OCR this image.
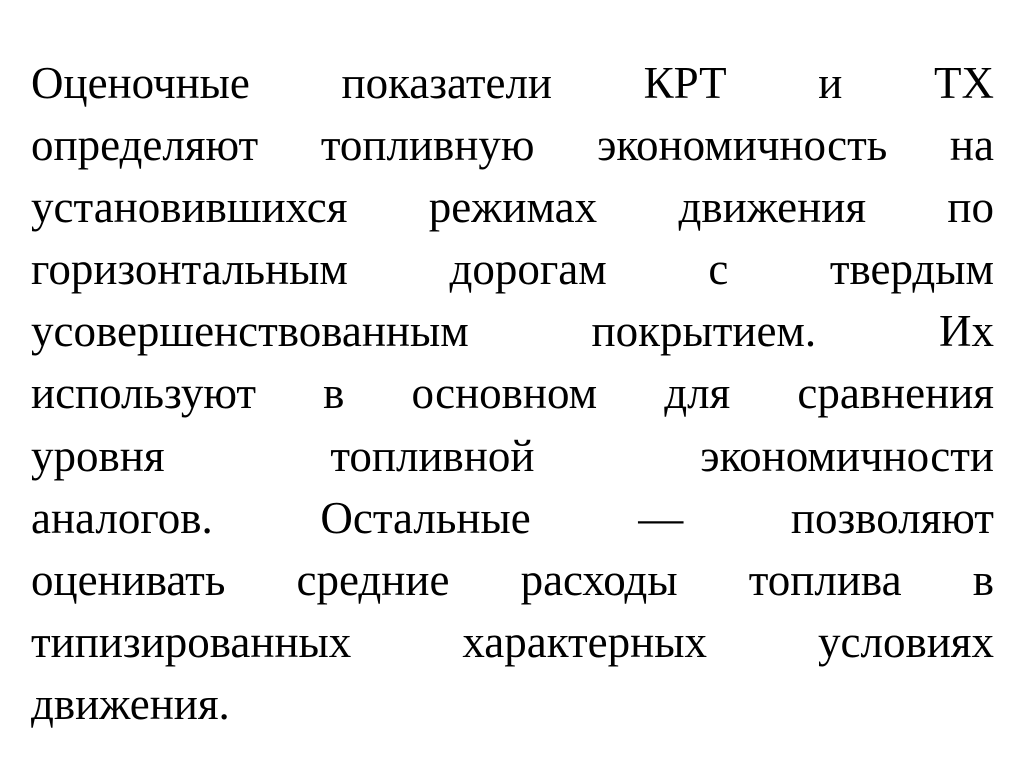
Оценочные показатели КРТ и ТХ
определяют топливную экономичность на
установившихся режимах движения по
горизонтальным дорогам с твердым
усовершенствованным	покрытием.	Их
используют в основном для сравнения
уровня	топливной	экономичности
аналогов. Остальные — позволяют
оценивать средние расходы топлива в
типизированных характерных условиях
движения.
